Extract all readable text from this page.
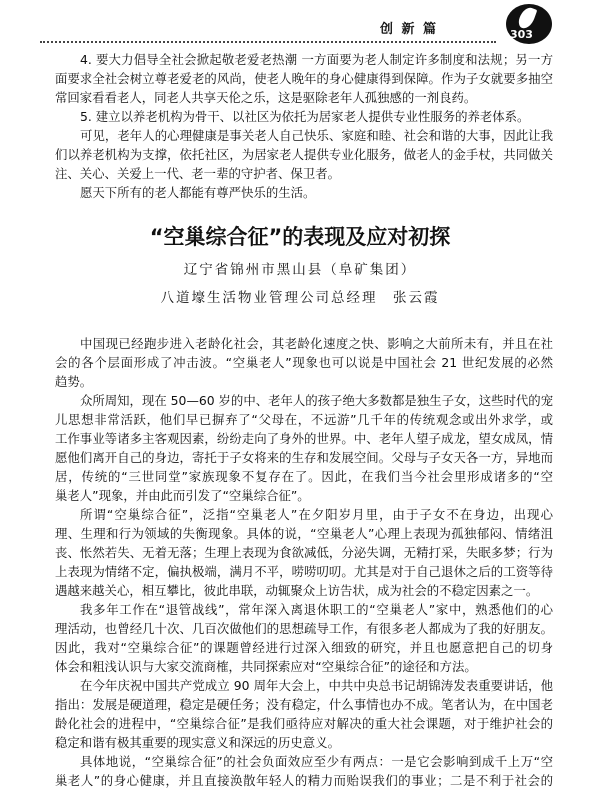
创 新 篇	303
4. 要大力倡导全社会掀起敬老爱老热潮 一方面要为老人制定许多制度和法规；另一方
面要求全社会树立尊老爱老的风尚，使老人晚年的身心健康得到保障。作为子女就要多抽空
常回家看看老人，同老人共享天伦之乐，这是驱除老年人孤独感的一剂良药。
5. 建立以养老机构为骨干、以社区为依托为居家老人提供专业性服务的养老体系。
可见，老年人的心理健康是事关老人自己快乐、家庭和睦、社会和谐的大事，因此让我
们以养老机构为支撑，依托社区，为居家老人提供专业化服务，做老人的金手杖，共同做关
注、关心、关爱上一代、老一辈的守护者、保卫者。
愿天下所有的老人都能有尊严快乐的生活。
“空巢综合征”的表现及应对初探
辽宁省锦州市黑山县（阜矿集团）
八道壕生活物业管理公司总经理　张云霞
中国现已经跑步进入老龄化社会，其老龄化速度之快、影响之大前所未有，并且在社
会的各个层面形成了冲击波。“空巢老人”现象也可以说是中国社会 21 世纪发展的必然
趋势。
众所周知，现在 50—60 岁的中、老年人的孩子绝大多数都是独生子女，这些时代的宠
儿思想非常活跃，他们早已摒弃了“父母在，不远游”几千年的传统观念或出外求学，或
工作事业等诸多主客观因素，纷纷走向了身外的世界。中、老年人望子成龙，望女成凤，情
愿他们离开自己的身边，寄托于子女将来的生存和发展空间。父母与子女天各一方，异地而
居，传统的“三世同堂”家族现象不复存在了。因此，在我们当今社会里形成诸多的“空
巢老人”现象，并由此而引发了“空巢综合征”。
所谓“空巢综合征”，泛指“空巢老人”在夕阳岁月里，由于子女不在身边，出现心
理、生理和行为领域的失衡现象。具体的说，“空巢老人”心理上表现为孤独郁闷、情绪沮
丧、怅然若失、无着无落；生理上表现为食欲减低，分泌失调，无精打采，失眠多梦；行为
上表现为情绪不定，偏执极端，满月不平，唠唠叨叨。尤其是对于自己退休之后的工资等待
遇越来越关心，相互攀比，彼此串联，动辄聚众上访告状，成为社会的不稳定因素之一。
我多年工作在“退管战线”，常年深入离退休职工的“空巢老人”家中，熟悉他们的心
理活动，也曾经几十次、几百次做他们的思想疏导工作，有很多老人都成为了我的好朋友。
因此，我对“空巢综合征”的课题曾经进行过深入细致的研究，并且也愿意把自己的切身
体会和粗浅认识与大家交流商榷，共同探索应对“空巢综合征”的途径和方法。
在今年庆祝中国共产党成立 90 周年大会上，中共中央总书记胡锦涛发表重要讲话，他
指出：发展是硬道理，稳定是硬任务；没有稳定，什么事情也办不成。笔者认为，在中国老
龄化社会的进程中，“空巢综合征”是我们亟待应对解决的重大社会课题，对于维护社会的
稳定和谐有极其重要的现实意义和深远的历史意义。
具体地说，“空巢综合征”的社会负面效应至少有两点：一是它会影响到成千上万“空
巢老人”的身心健康，并且直接涣散年轻人的精力而贻误我们的事业；二是不利于社会的
